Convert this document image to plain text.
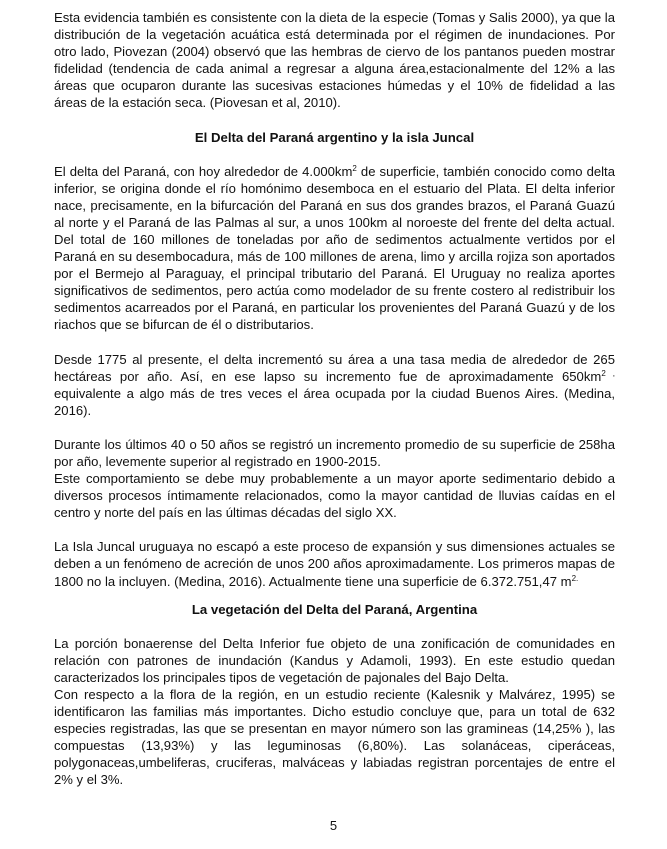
Esta evidencia también es consistente con la dieta de la especie (Tomas y Salis 2000), ya que la distribución de la vegetación acuática está determinada por el régimen de inundaciones. Por otro lado, Piovezan (2004) observó que las hembras de ciervo de los pantanos pueden mostrar fidelidad (tendencia de cada animal a regresar a alguna área,estacionalmente del 12% a las áreas que ocuparon durante las sucesivas estaciones húmedas y el 10% de fidelidad a las áreas de la estación seca. (Piovesan et al, 2010).

El Delta del Paraná argentino y la isla Juncal

El delta del Paraná, con hoy alrededor de $4.000km^2$ de superficie, también conocido como delta inferior, se origina donde el río homónimo desemboca en el estuario del Plata. El delta inferior nace, precisamente, en la bifurcación del Paraná en sus dos grandes brazos, el Paraná Guazú al norte y el Paraná de las Palmas al sur, a unos 100km al noroeste del frente del delta actual. Del total de 160 millones de toneladas por año de sedimentos actualmente vertidos por el Paraná en su desembocadura, más de 100 millones de arena, limo y arcilla rojiza son aportados por el Bermejo al Paraguay, el principal tributario del Paraná. El Uruguay no realiza aportes significativos de sedimentos, pero actúa como modelador de su frente costero al redistribuir los sedimentos acarreados por el Paraná, en particular los provenientes del Paraná Guazú y de los riachos que se bifurcan de él o distributarios.

Desde 1775 al presente, el delta incrementó su área a una tasa media de alrededor de 265 hectáreas por año. Así, en ese lapso su incremento fue de aproximadamente $650km^{2 ,}$ equivalente a algo más de tres veces el área ocupada por la ciudad Buenos Aires. (Medina, 2016).

Durante los últimos 40 o 50 años se registró un incremento promedio de su superficie de 258ha por año, levemente superior al registrado en 1900-2015.

Este comportamiento se debe muy probablemente a un mayor aporte sedimentario debido a diversos procesos íntimamente relacionados, como la mayor cantidad de lluvias caídas en el centro y norte del país en las últimas décadas del siglo XX.

La Isla Juncal uruguaya no escapó a este proceso de expansión y sus dimensiones actuales se deben a un fenómeno de acreción de unos 200 años aproximadamente. Los primeros mapas de 1800 no la incluyen. (Medina, 2016). Actualmente tiene una superficie de 6.372.751,47 $m^{2.}$

La vegetación del Delta del Paraná, Argentina

La porción bonaerense del Delta Inferior fue objeto de una zonificación de comunidades en relación con patrones de inundación (Kandus y Adamoli, 1993). En este estudio quedan caracterizados los principales tipos de vegetación de pajonales del Bajo Delta.

Con respecto a la flora de la región, en un estudio reciente (Kalesnik y Malvárez, 1995) se identificaron las familias más importantes. Dicho estudio concluye que, para un total de 632 especies registradas, las que se presentan en mayor número son las gramineas (14,25% ), las compuestas (13,93%) y las leguminosas (6,80%). Las solanáceas, ciperáceas, polygonaceas,umbeliferas, cruciferas, malváceas y labiadas registran porcentajes de entre el 2% y el 3%.

5
